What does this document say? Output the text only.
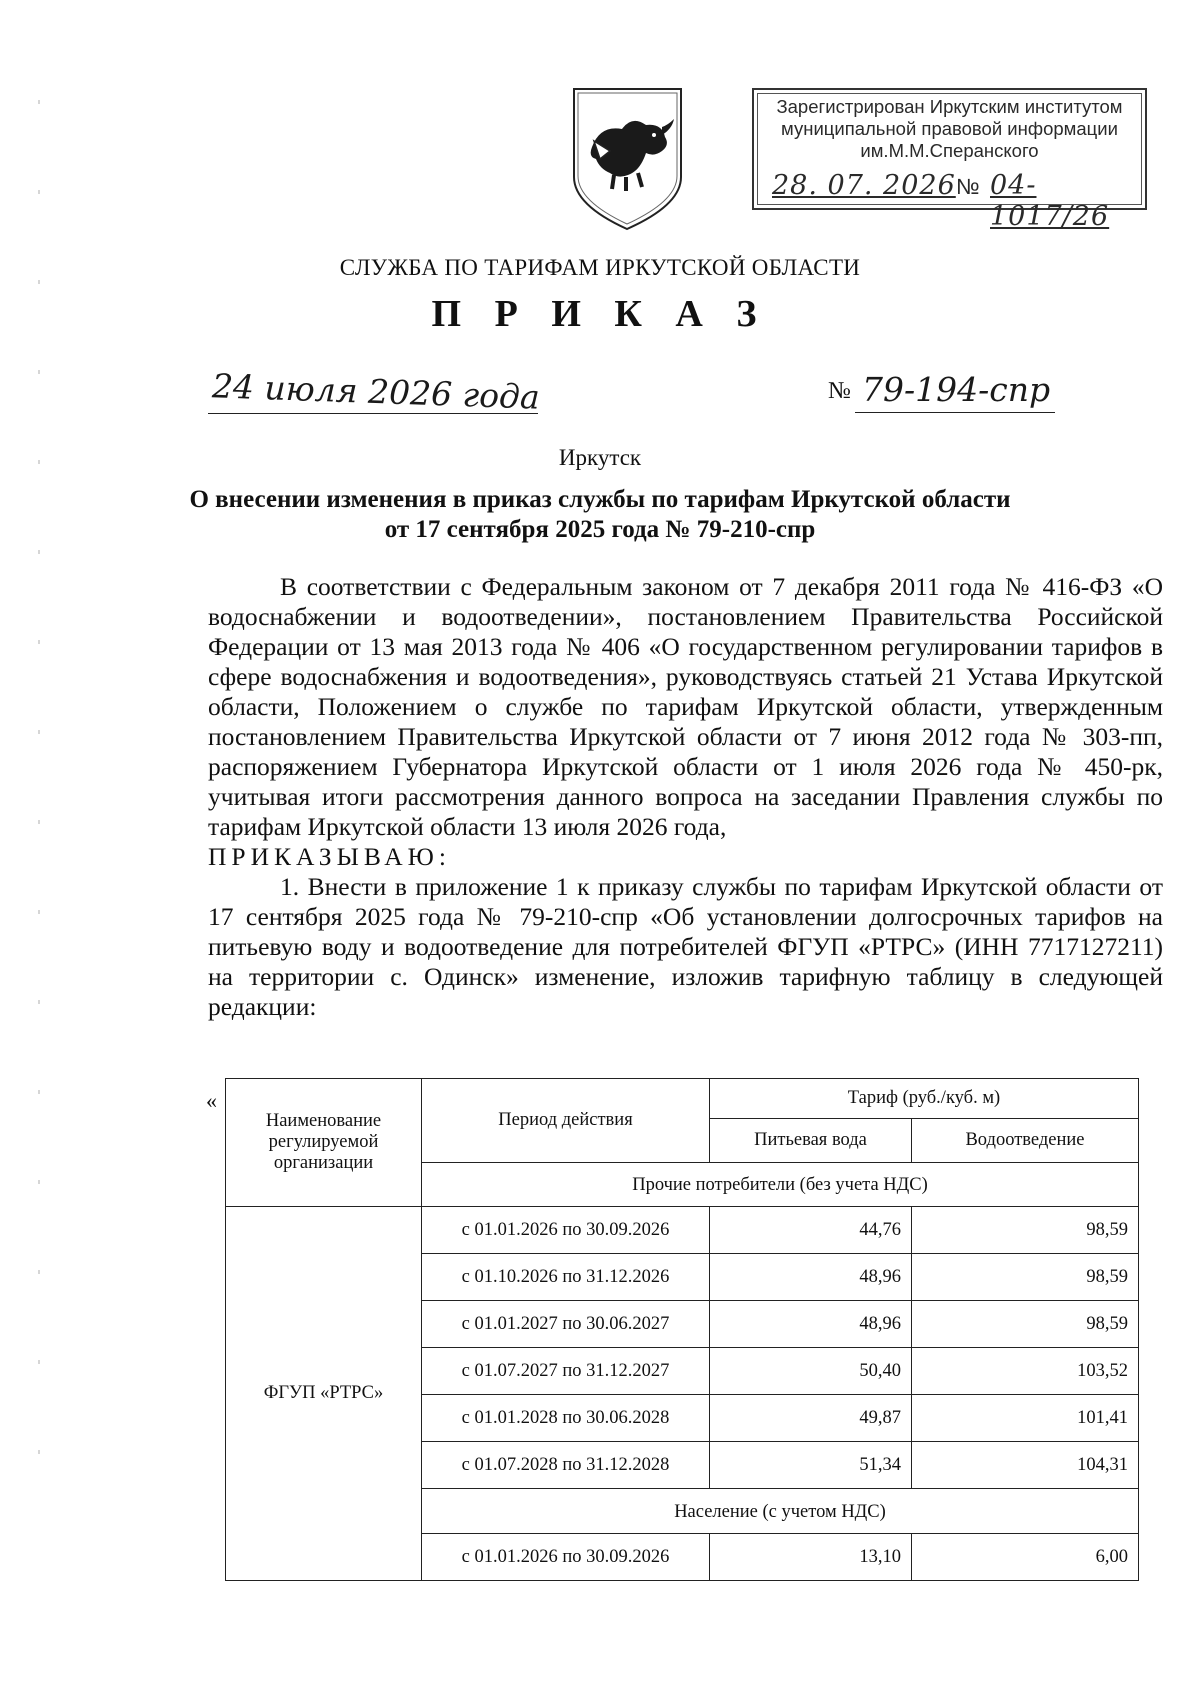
Зарегистрирован Иркутским институтом
муниципальной правовой информации
им.М.М.Сперанского
28. 07. 2026 № 04-1017/26
СЛУЖБА ПО ТАРИФАМ ИРКУТСКОЙ ОБЛАСТИ
П Р И К А З
24 июля 2026 года	№ 79-194-спр
Иркутск
О внесении изменения в приказ службы по тарифам Иркутской области
от 17 сентября 2025 года № 79-210-спр

В соответствии с Федеральным законом от 7 декабря 2011 года № 416-ФЗ «О водоснабжении и водоотведении», постановлением Правительства Российской Федерации от 13 мая 2013 года № 406 «О государственном регулировании тарифов в сфере водоснабжения и водоотведения», руководствуясь статьей 21 Устава Иркутской области, Положением о службе по тарифам Иркутской области, утвержденным постановлением Правительства Иркутской области от 7 июня 2012 года № 303-пп, распоряжением Губернатора Иркутской области от 1 июля 2026 года № 450-рк, учитывая итоги рассмотрения данного вопроса на заседании Правления службы по тарифам Иркутской области 13 июля 2026 года,

ПРИКАЗЫВАЮ:

1. Внести в приложение 1 к приказу службы по тарифам Иркутской области от 17 сентября 2025 года № 79-210-спр «Об установлении долгосрочных тарифов на питьевую воду и водоотведение для потребителей ФГУП «РТРС» (ИНН 7717127211) на территории с. Одинск» изменение, изложив тарифную таблицу в следующей редакции:

«
Наименование регулируемой организации	Период действия	Тариф (руб./куб. м)	
		Питьевая вода	Водоотведение
	Прочие потребители (без учета НДС)		
ФГУП «РТРС»	с 01.01.2026 по 30.09.2026	44,76	98,59
	с 01.10.2026 по 31.12.2026	48,96	98,59
	с 01.01.2027 по 30.06.2027	48,96	98,59
	с 01.07.2027 по 31.12.2027	50,40	103,52
	с 01.01.2028 по 30.06.2028	49,87	101,41
	с 01.07.2028 по 31.12.2028	51,34	104,31
	Население (с учетом НДС)		
	с 01.01.2026 по 30.09.2026	13,10	6,00
